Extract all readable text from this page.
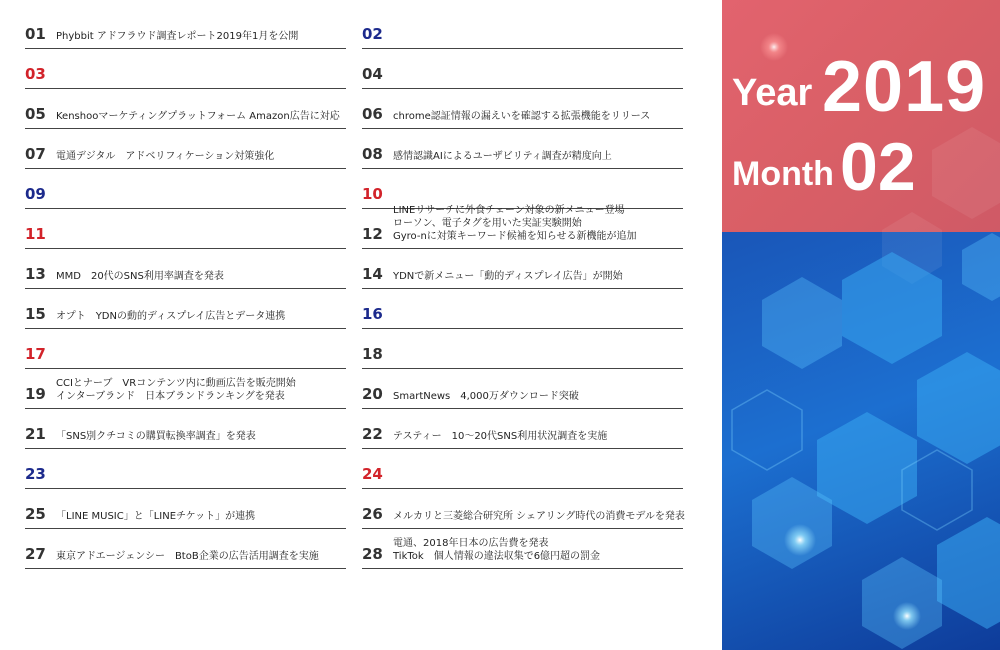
01 Phybbit アドフラウド調査レポート2019年1月を公開
03
05 Kenshooマーケティングプラットフォーム Amazon広告に対応
07 電通デジタル　アドベリフィケーション対策強化
09
11
13 MMD　20代のSNS利用率調査を発表
15 オプト　YDNの動的ディスプレイ広告とデータ連携
17
19
CCIとナーブ　VRコンテンツ内に動画広告を販売開始
インターブランド　日本ブランドランキングを発表
21 「SNS別クチコミの購買転換率調査」を発表
23
25 「LINE MUSIC」と「LINEチケット」が連携
27 東京アドエージェンシー　BtoB企業の広告活用調査を実施
02
04
06 chrome認証情報の漏えいを確認する拡張機能をリリース
08 感情認識AIによるユーザビリティ調査が精度向上
10
12
LINEリサーチに外食チェーン対象の新メニュー登場
ローソン、電子タグを用いた実証実験開始
Gyro-nに対策キーワード候補を知らせる新機能が追加
14 YDNで新メニュー「動的ディスプレイ広告」が開始
16
18
20 SmartNews　4,000万ダウンロード突破
22 テスティー　10〜20代SNS利用状況調査を実施
24
26 メルカリと三菱総合研究所 シェアリング時代の消費モデルを発表
28
電通、2018年日本の広告費を発表
TikTok　個人情報の違法収集で6億円超の罰金
Year 2019
Month 02
